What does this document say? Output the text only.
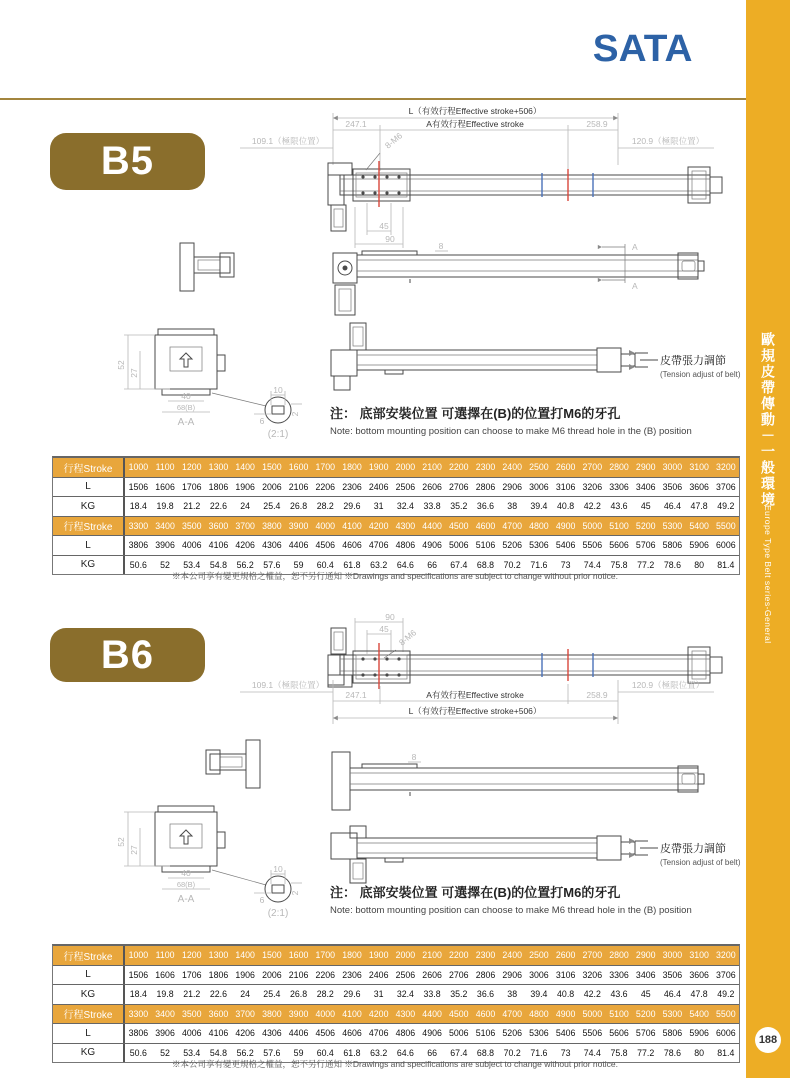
SATA
B5
L（有效行程Effective stroke+506）
247.1	A有效行程Effective stroke	258.9
109.1（極限位置）	120.9（極限位置）
8-M6
45
90
8	A
A
皮帶張力調節
(Tension adjust of belt)
52
27
40
68(B)
A-A
10
6
2
(2:1)
注： 底部安裝位置 可選擇在(B)的位置打M6的牙孔
Note: bottom mounting position can choose to make M6 thread hole in the (B) position
行程Stroke	1000 1100 1200 1300 1400 1500 1600 1700 1800 1900 2000 2100 2200 2300 2400 2500 2600 2700 2800 2900 3000 3100 3200
L	1506 1606 1706 1806 1906 2006 2106 2206 2306 2406 2506 2606 2706 2806 2906 3006 3106 3206 3306 3406 3506 3606 3706
KG	18.4	19.8	21.2	22.6	24	25.4	26.8	28.2	29.6	31	32.4	33.8	35.2	36.6	38	39.4	40.8	42.2	43.6	45	46.4	47.8	49.2
行程Stroke	3300 3400 3500 3600 3700 3800 3900 4000 4100 4200 4300 4400 4500 4600 4700 4800 4900 5000 5100 5200 5300 5400 5500
L	3806 3906 4006 4106 4206 4306 4406 4506 4606 4706 4806 4906 5006 5106 5206 5306 5406 5506 5606 5706 5806 5906 6006
KG	50.6	52	53.4	54.8	56.2	57.6	59	60.4	61.8	63.2	64.6	66	67.4	68.8	70.2	71.6	73	74.4	75.8	77.2	78.6	80	81.4
※本公司享有變更規格之權益，恕不另行通知 ※Drawings and specifications are subject to change without prior notice.
B6
90
45 8-M6
109.1（極限位置）	120.9（極限位置）
247.1	A有效行程Effective stroke	258.9
L（有效行程Effective stroke+506）
8
皮帶張力調節
(Tension adjust of belt)
52
27
40
68(B)
A-A
10
6
2
(2:1)
注： 底部安裝位置 可選擇在(B)的位置打M6的牙孔
Note: bottom mounting position can choose to make M6 thread hole in the (B) position
行程Stroke	1000 1100 1200 1300 1400 1500 1600 1700 1800 1900 2000 2100 2200 2300 2400 2500 2600 2700 2800 2900 3000 3100 3200
L	1506 1606 1706 1806 1906 2006 2106 2206 2306 2406 2506 2606 2706 2806 2906 3006 3106 3206 3306 3406 3506 3606 3706
KG	18.4	19.8	21.2	22.6	24	25.4	26.8	28.2	29.6	31	32.4	33.8	35.2	36.6	38	39.4	40.8	42.2	43.6	45	46.4	47.8	49.2
行程Stroke	3300 3400 3500 3600 3700 3800 3900 4000 4100 4200 4300 4400 4500 4600 4700 4800 4900 5000 5100 5200 5300 5400 5500
L	3806 3906 4006 4106 4206 4306 4406 4506 4606 4706 4806 4906 5006 5106 5206 5306 5406 5506 5606 5706 5806 5906 6006
KG	50.6	52	53.4	54.8	56.2	57.6	59	60.4	61.8	63.2	64.6	66	67.4	68.8	70.2	71.6	73	74.4	75.8	77.2	78.6	80	81.4
※本公司享有變更規格之權益，恕不另行通知 ※Drawings and specifications are subject to change without prior notice.
歐規皮帶傳動－一般環境
Europe Type Belt series-General
188
